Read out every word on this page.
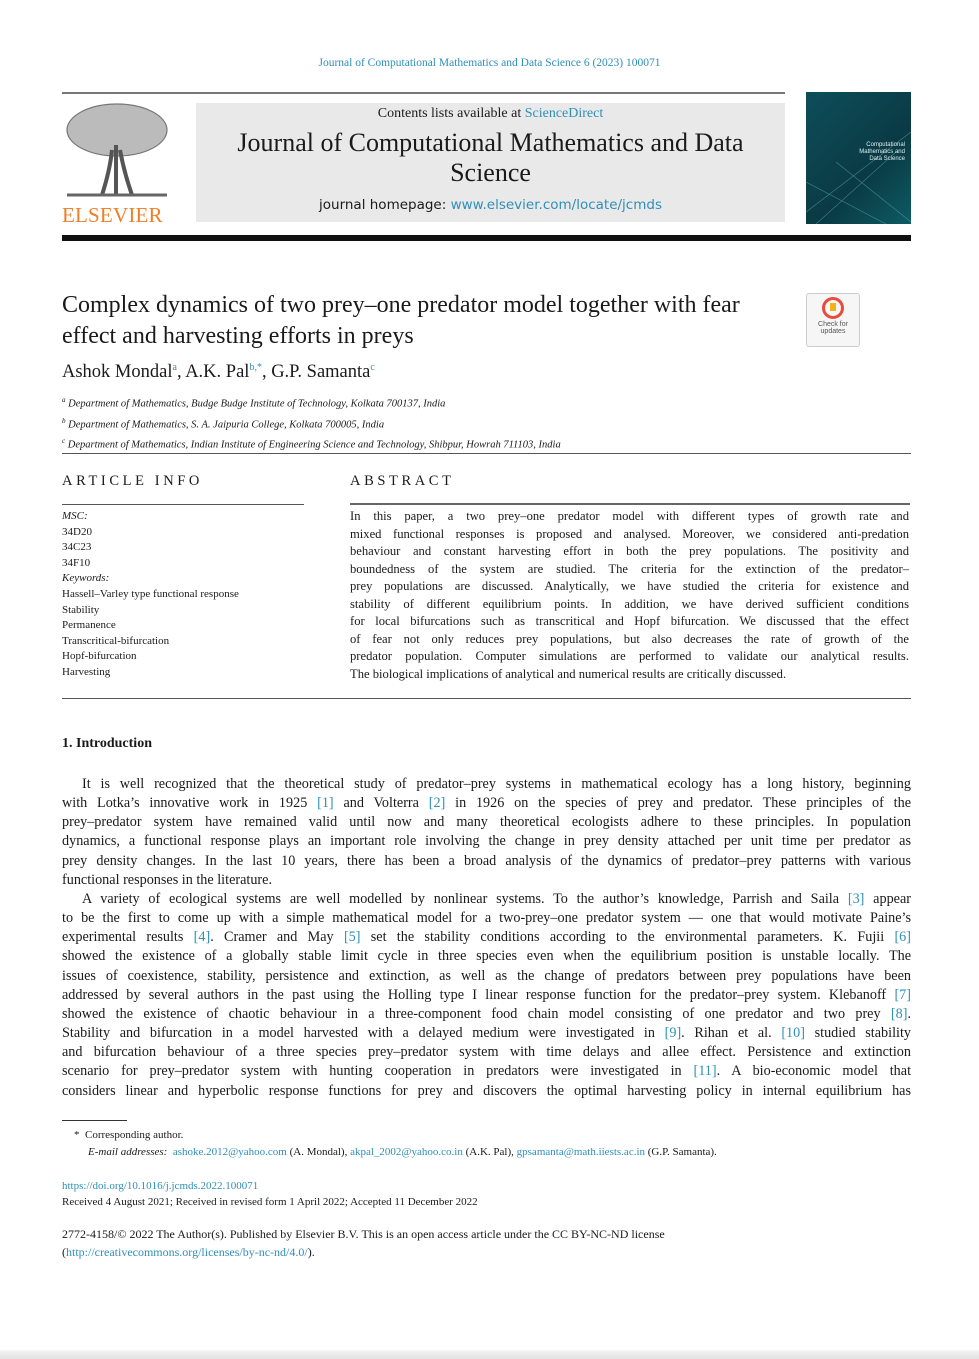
Journal of Computational Mathematics and Data Science 6 (2023) 100071
ELSEVIER
Contents lists available at ScienceDirect
Journal of Computational Mathematics and Data Science
journal homepage: www.elsevier.com/locate/jcmds
Computational Mathematics and Data Science
Complex dynamics of two prey–one predator model together with fear effect and harvesting efforts in preys	Check for updates
Ashok Mondal$^a$, A.K. Pal$^{b,*}$, G.P. Samanta$^c$
$^a$ Department of Mathematics, Budge Budge Institute of Technology, Kolkata 700137, India
$^b$ Department of Mathematics, S. A. Jaipuria College, Kolkata 700005, India
$^c$ Department of Mathematics, Indian Institute of Engineering Science and Technology, Shibpur, Howrah 711103, India
ARTICLE INFO	ABSTRACT
MSC:
34D20
34C23
34F10
Keywords:
Hassell–Varley type functional response
Stability
Permanence
Transcritical-bifurcation
Hopf-bifurcation
Harvesting
In this paper, a two prey–one predator model with different types of growth rate and
mixed functional responses is proposed and analysed. Moreover, we considered anti-predation
behaviour and constant harvesting effort in both the prey populations. The positivity and
boundedness of the system are studied. The criteria for the extinction of the predator–
prey populations are discussed. Analytically, we have studied the criteria for existence and
stability of different equilibrium points. In addition, we have derived sufficient conditions
for local bifurcations such as transcritical and Hopf bifurcation. We discussed that the effect
of fear not only reduces prey populations, but also decreases the rate of growth of the
predator population. Computer simulations are performed to validate our analytical results.
The biological implications of analytical and numerical results are critically discussed.
1. Introduction
It is well recognized that the theoretical study of predator–prey systems in mathematical ecology has a long history, beginning
with Lotka’s innovative work in 1925 [1] and Volterra [2] in 1926 on the species of prey and predator. These principles of the
prey–predator system have remained valid until now and many theoretical ecologists adhere to these principles. In population
dynamics, a functional response plays an important role involving the change in prey density attached per unit time per predator as
prey density changes. In the last 10 years, there has been a broad analysis of the dynamics of predator–prey patterns with various
functional responses in the literature.
A variety of ecological systems are well modelled by nonlinear systems. To the author’s knowledge, Parrish and Saila [3] appear
to be the first to come up with a simple mathematical model for a two-prey–one predator system — one that would motivate Paine’s
experimental results [4]. Cramer and May [5] set the stability conditions according to the environmental parameters. K. Fujii [6]
showed the existence of a globally stable limit cycle in three species even when the equilibrium position is unstable locally. The
issues of coexistence, stability, persistence and extinction, as well as the change of predators between prey populations have been
addressed by several authors in the past using the Holling type I linear response function for the predator–prey system. Klebanoff [7]
showed the existence of chaotic behaviour in a three-component food chain model consisting of one predator and two prey [8].
Stability and bifurcation in a model harvested with a delayed medium were investigated in [9]. Rihan et al. [10] studied stability
and bifurcation behaviour of a three species prey–predator system with time delays and allee effect. Persistence and extinction
scenario for prey–predator system with hunting cooperation in predators were investigated in [11]. A bio-economic model that
considers linear and hyperbolic response functions for prey and discovers the optimal harvesting policy in internal equilibrium has
* Corresponding author.
E-mail addresses: ashoke.2012@yahoo.com (A. Mondal), akpal_2002@yahoo.co.in (A.K. Pal), gpsamanta@math.iiests.ac.in (G.P. Samanta).
https://doi.org/10.1016/j.jcmds.2022.100071
Received 4 August 2021; Received in revised form 1 April 2022; Accepted 11 December 2022
2772-4158/© 2022 The Author(s). Published by Elsevier B.V. This is an open access article under the CC BY-NC-ND license
(http://creativecommons.org/licenses/by-nc-nd/4.0/).
